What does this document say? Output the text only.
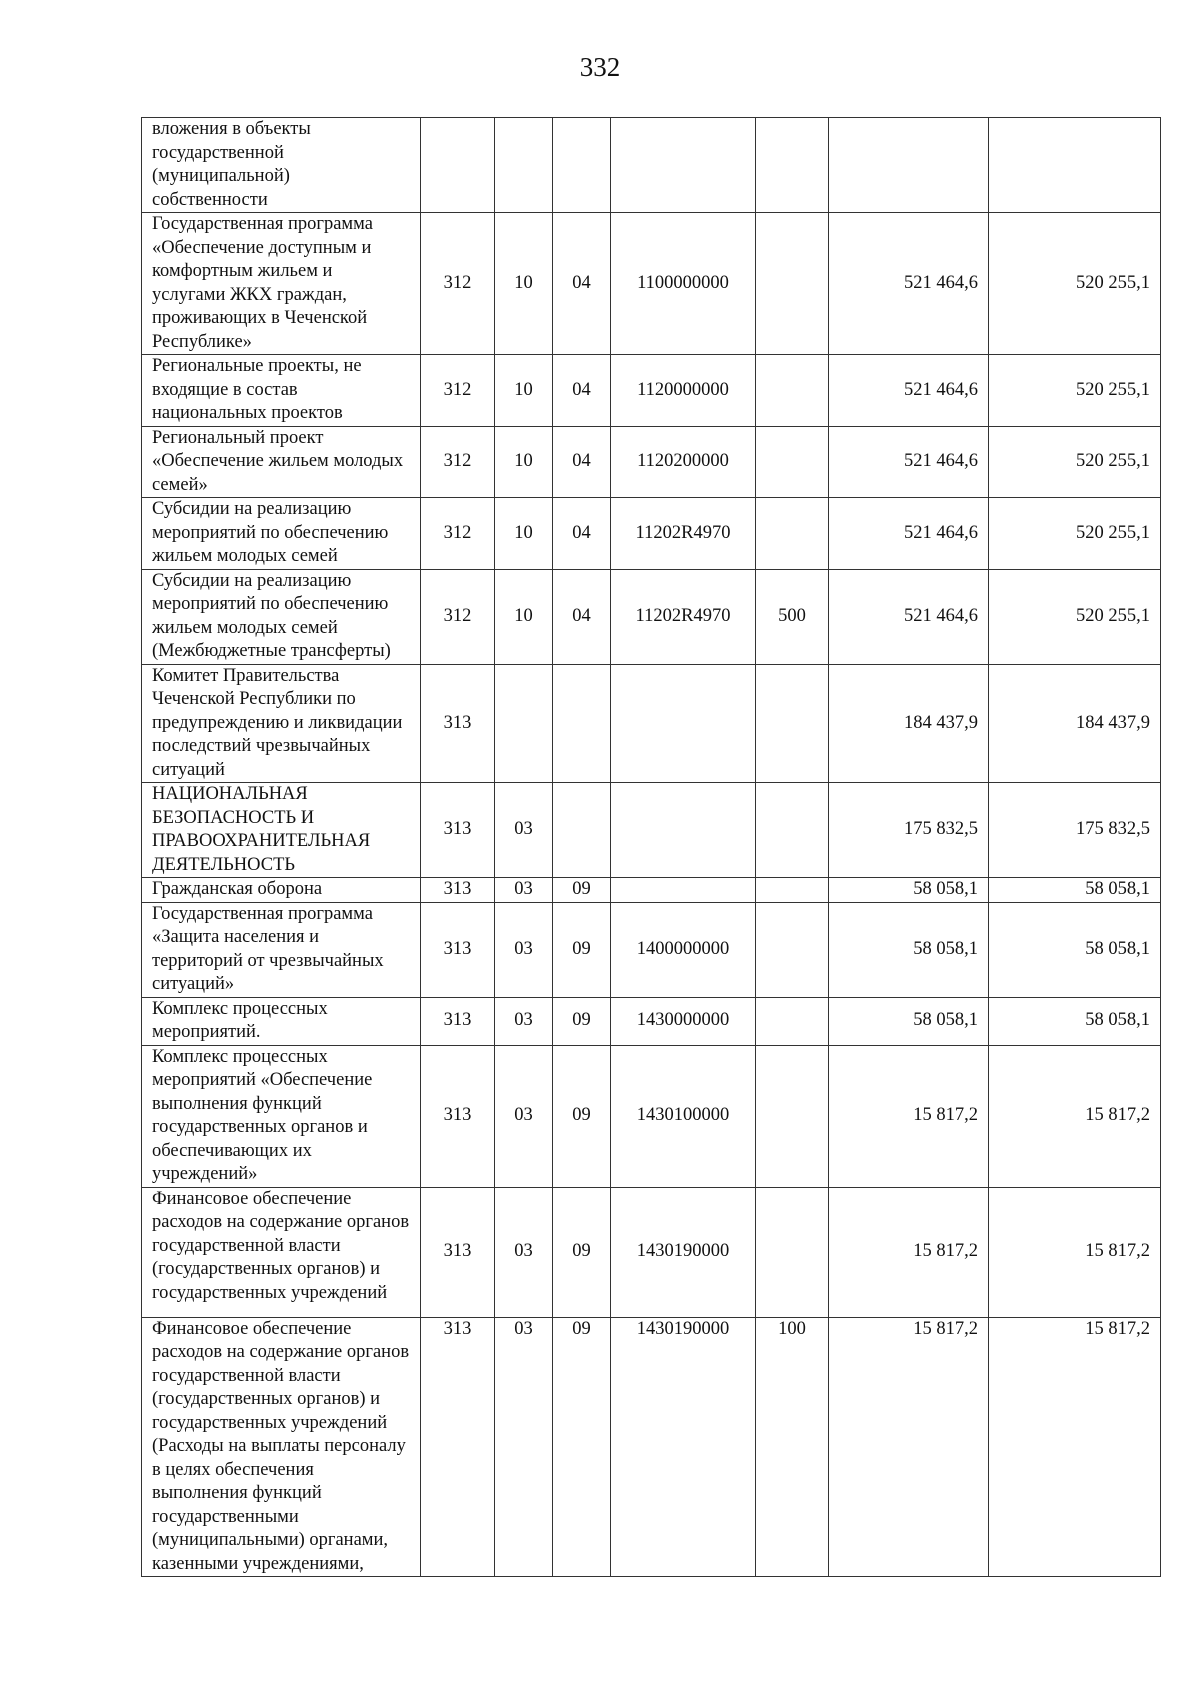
332
вложения в объекты государственной (муниципальной) собственности							
Государственная программа «Обеспечение доступным и комфортным жильем и услугами ЖКХ граждан, проживающих в Чеченской Республике»	312	10	04	1100000000		521 464,6	520 255,1
Региональные проекты, не входящие в состав национальных проектов	312	10	04	1120000000		521 464,6	520 255,1
Региональный проект «Обеспечение жильем молодых семей»	312	10	04	1120200000		521 464,6	520 255,1
Субсидии на реализацию мероприятий по обеспечению жильем молодых семей	312	10	04	11202R4970		521 464,6	520 255,1
Субсидии на реализацию мероприятий по обеспечению жильем молодых семей (Межбюджетные трансферты)	312	10	04	11202R4970	500	521 464,6	520 255,1
Комитет Правительства Чеченской Республики по предупреждению и ликвидации последствий чрезвычайных ситуаций	313					184 437,9	184 437,9
НАЦИОНАЛЬНАЯ БЕЗОПАСНОСТЬ И ПРАВООХРАНИТЕЛЬНАЯ ДЕЯТЕЛЬНОСТЬ	313	03				175 832,5	175 832,5
Гражданская оборона	313	03	09			58 058,1	58 058,1
Государственная программа «Защита населения и территорий от чрезвычайных ситуаций»	313	03	09	1400000000		58 058,1	58 058,1
Комплекс процессных мероприятий.	313	03	09	1430000000		58 058,1	58 058,1
Комплекс процессных мероприятий «Обеспечение выполнения функций государственных органов и обеспечивающих их учреждений»	313	03	09	1430100000		15 817,2	15 817,2
Финансовое обеспечение расходов на содержание органов государственной власти (государственных органов) и государственных учреждений	313	03	09	1430190000		15 817,2	15 817,2
Финансовое обеспечение расходов на содержание органов государственной власти (государственных органов) и государственных учреждений (Расходы на выплаты персоналу в целях обеспечения выполнения функций государственными (муниципальными) органами, казенными учреждениями,	313	03	09	1430190000	100	15 817,2	15 817,2
